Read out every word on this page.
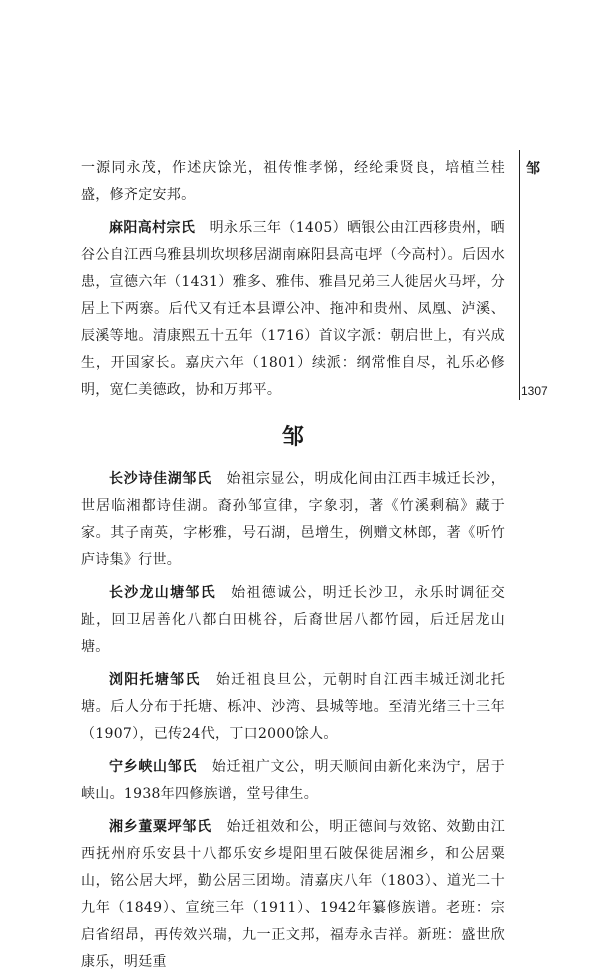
邹
1307

一源同永茂，作述庆馀光，祖传惟孝悌，经纶秉贤良，培植兰桂盛，修齐定安邦。

麻阳高村宗氏　 明永乐三年（1405）晒银公由江西移贵州，晒谷公自江西乌雅县圳坎坝移居湖南麻阳县高屯坪（今高村）。后因水患，宣德六年（1431）雅多、雅伟、雅昌兄弟三人徙居火马坪，分居上下两寨。后代又有迁本县谭公冲、拖冲和贵州、凤凰、泸溪、辰溪等地。清康熙五十五年（1716）首议字派：朝启世上，有兴成生，开国家长。嘉庆六年（1801）续派：纲常惟自尽，礼乐必修明，宽仁美德政，协和万邦平。

邹

长沙诗佳湖邹氏　 始祖宗显公，明成化间由江西丰城迁长沙，世居临湘都诗佳湖。裔孙邹宣律，字象羽，著《竹溪剩稿》藏于家。其子南英，字彬雅，号石湖，邑增生，例赠文林郎，著《听竹庐诗集》行世。

长沙龙山塘邹氏　 始祖德诚公，明迁长沙卫，永乐时调征交趾，回卫居善化八都白田桃谷，后裔世居八都竹园，后迁居龙山塘。

浏阳托塘邹氏　 始迁祖良旦公，元朝时自江西丰城迁浏北托塘。后人分布于托塘、栎冲、沙湾、县城等地。至清光绪三十三年（1907），已传24代，丁口2000馀人。

宁乡峡山邹氏　 始迁祖广文公，明天顺间由新化来沩宁，居于峡山。1938年四修族谱，堂号律生。

湘乡董粟坪邹氏　 始迁祖效和公，明正德间与效铭、效勤由江西抚州府乐安县十八都乐安乡堤阳里石陂保徙居湘乡，和公居粟山，铭公居大坪，勤公居三团坳。清嘉庆八年（1803）、道光二十九年（1849）、宣统三年（1911）、1942年纂修族谱。老班：宗启省绍昂，再传效兴瑞，九一正文邦，福寿永吉祥。新班：盛世欣康乐，明廷重
